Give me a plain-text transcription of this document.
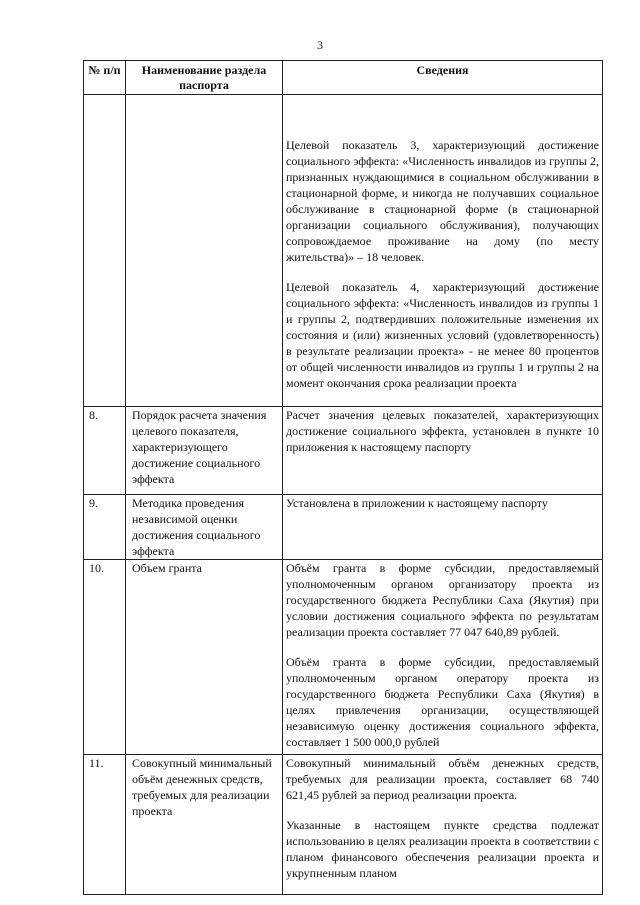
3
№ п/п	Наименование раздела паспорта	Сведения

		Целевой показатель 3, характеризующий достижение социального эффекта: «Численность инвалидов из группы 2, признанных нуждающимися в социальном обслуживании в стационарной форме, и никогда не получавших социальное обслуживание в стационарной форме (в стационарной организации социального обслуживания), получающих сопровождаемое проживание на дому (по месту жительства)» – 18 человек.

Целевой показатель 4, характеризующий достижение социального эффекта: «Численность инвалидов из группы 1 и группы 2, подтвердивших положительные изменения их состояния и (или) жизненных условий (удовлетворенность) в результате реализации проекта» - не менее 80 процентов от общей численности инвалидов из группы 1 и группы 2 на момент окончания срока реализации проекта

8.	Порядок расчета значения целевого показателя, характеризующего достижение социального эффекта	Расчет значения целевых показателей, характеризующих достижение социального эффекта, установлен в пункте 10 приложения к настоящему паспорту

9.	Методика проведения независимой оценки достижения социального эффекта	Установлена в приложении к настоящему паспорту

10.	Объем гранта	Объём гранта в форме субсидии, предоставляемый уполномоченным органом организатору проекта из государственного бюджета Республики Саха (Якутия) при условии достижения социального эффекта по результатам реализации проекта составляет 77 047 640,89 рублей.

Объём гранта в форме субсидии, предоставляемый уполномоченным органом оператору проекта из государственного бюджета Республики Саха (Якутия) в целях привлечения организации, осуществляющей независимую оценку достижения социального эффекта, составляет 1 500 000,0 рублей

11.	Совокупный минимальный объём денежных средств, требуемых для реализации проекта	Совокупный минимальный объём денежных средств, требуемых для реализации проекта, составляет 68 740 621,45 рублей за период реализации проекта.

Указанные в настоящем пункте средства подлежат использованию в целях реализации проекта в соответствии с планом финансового обеспечения реализации проекта и укрупненным планом
